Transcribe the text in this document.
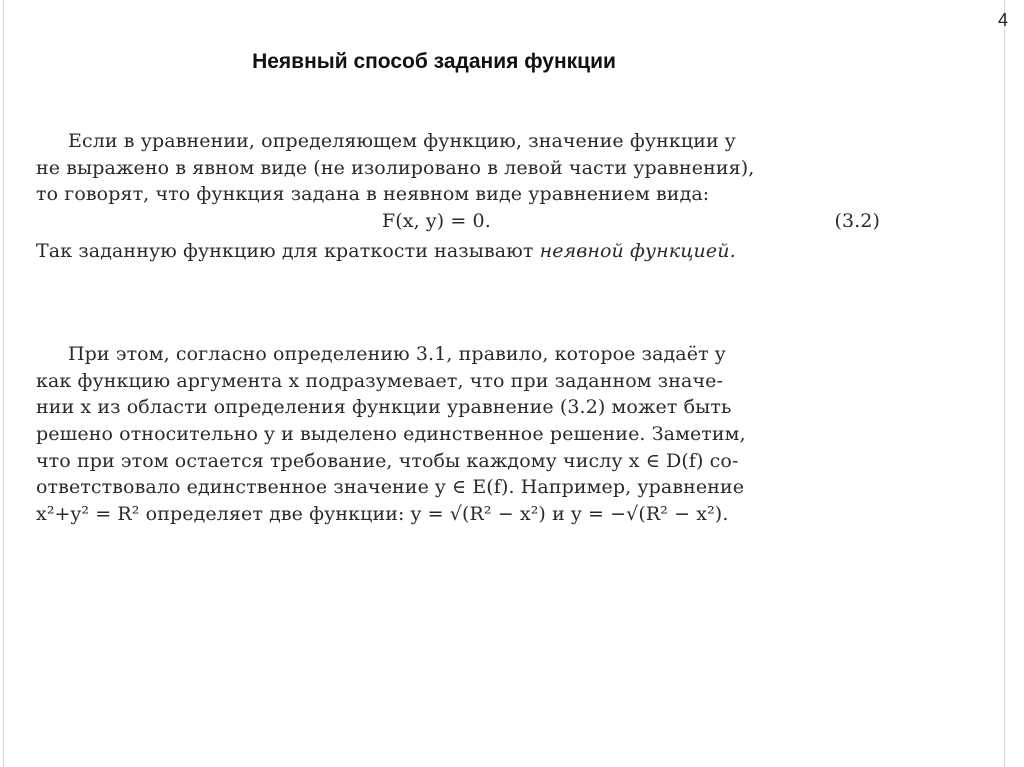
4
Неявный способ задания функции
Если в уравнении, определяющем функцию, значение функции y
не выражено в явном виде (не изолировано в левой части уравнения),
то говорят, что функция задана в неявном виде уравнением вида:
F(x, y) = 0.	(3.2)
Так заданную функцию для краткости называют неявной функцией.
При этом, согласно определению 3.1, правило, которое задаёт y
как функцию аргумента x подразумевает, что при заданном значе-
нии x из области определения функции уравнение (3.2) может быть
решено относительно y и выделено единственное решение. Заметим,
что при этом остается требование, чтобы каждому числу x ∈ D(f) со-
ответствовало единственное значение y ∈ E(f). Например, уравнение
x²+y² = R² определяет две функции: y = √(R² − x²) и y = −√(R² − x²).
